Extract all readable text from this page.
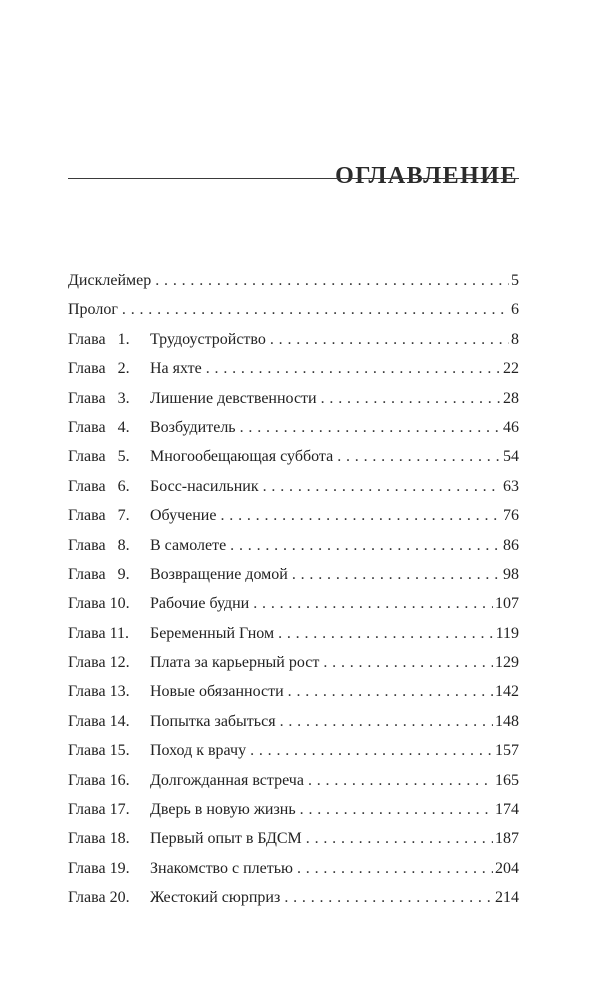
ОГЛАВЛЕНИЕ
Дисклеймер . . .	5
Пролог . . .	6
Глава   1.	Трудоустройство . . .	8
Глава   2.	На яхте . . .	22
Глава   3.	Лишение девственности . . .	28
Глава   4.	Возбудитель . . .	46
Глава   5.	Многообещающая суббота . . .	54
Глава   6.	Босс-насильник . . .	63
Глава   7.	Обучение . . .	76
Глава   8.	В самолете . . .	86
Глава   9.	Возвращение домой . . .	98
Глава 10.	Рабочие будни . . .	107
Глава 11.	Беременный Гном . . .	119
Глава 12.	Плата за карьерный рост . . .	129
Глава 13.	Новые обязанности . . .	142
Глава 14.	Попытка забыться . . .	148
Глава 15.	Поход к врачу . . .	157
Глава 16.	Долгожданная встреча . . .	165
Глава 17.	Дверь в новую жизнь . . .	174
Глава 18.	Первый опыт в БДСМ . . .	187
Глава 19.	Знакомство с плетью . . .	204
Глава 20.	Жестокий сюрприз . . .	214
